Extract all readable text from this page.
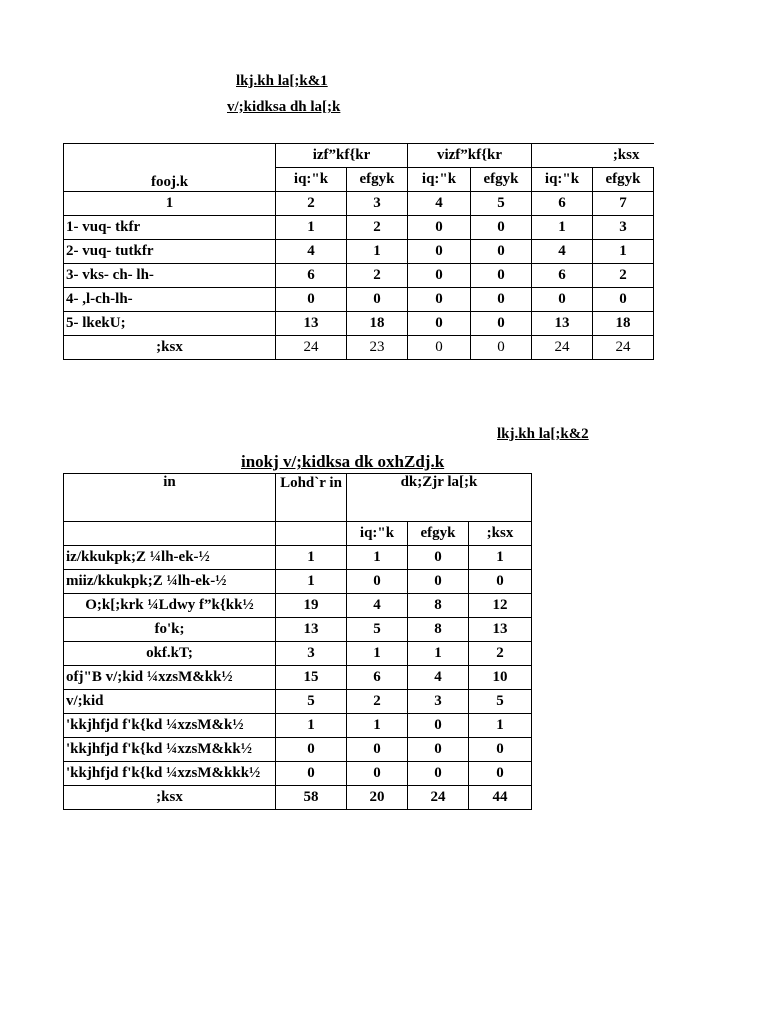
lkj.kh la[;k&1
v/;kidksa dh la[;k
fooj.k	izf”kf{kr		vizf”kf{kr		;ksx	
	iq:"k	efgyk	iq:"k	efgyk	iq:"k	efgyk
1	2	3	4	5	6	7
1- vuq- tkfr	1	2	0	0	1	3
2- vuq- tutkfr	4	1	0	0	4	1
3- vks- ch- lh-	6	2	0	0	6	2
4- ,l-ch-lh-	0	0	0	0	0	0
5- lkekU;	13	18	0	0	13	18
;ksx	24	23	0	0	24	24
lkj.kh la[;k&2
inokj v/;kidksa dk oxhZdj.k
in	Lohd`r in	dk;Zjr la[;k		
		iq:"k	efgyk	;ksx
iz/kkukpk;Z ¼lh-ek-½	1	1	0	1
miiz/kkukpk;Z ¼lh-ek-½	1	0	0	0
O;k[;krk ¼Ldwy f”k{kk½	19	4	8	12
fo'k;	13	5	8	13
okf.kT;	3	1	1	2
ofj"B v/;kid ¼xzsM&kk½	15	6	4	10
v/;kid	5	2	3	5
'kkjhfjd f'k{kd ¼xzsM&k½	1	1	0	1
'kkjhfjd f'k{kd ¼xzsM&kk½	0	0	0	0
'kkjhfjd f'k{kd ¼xzsM&kkk½	0	0	0	0
;ksx	58	20	24	44
